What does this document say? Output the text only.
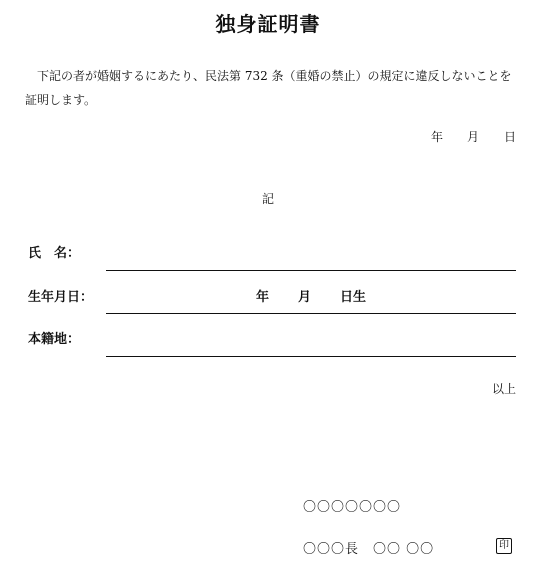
独身証明書
下記の者が婚姻するにあたり、民法第 732 条（重婚の禁止）の規定に違反しないことを証明します。
年 月 日
記
氏　名：
生年月日：	年 月 日生
本籍地：
以上
〇〇〇〇〇〇〇
〇〇〇長　〇〇 〇〇	印
